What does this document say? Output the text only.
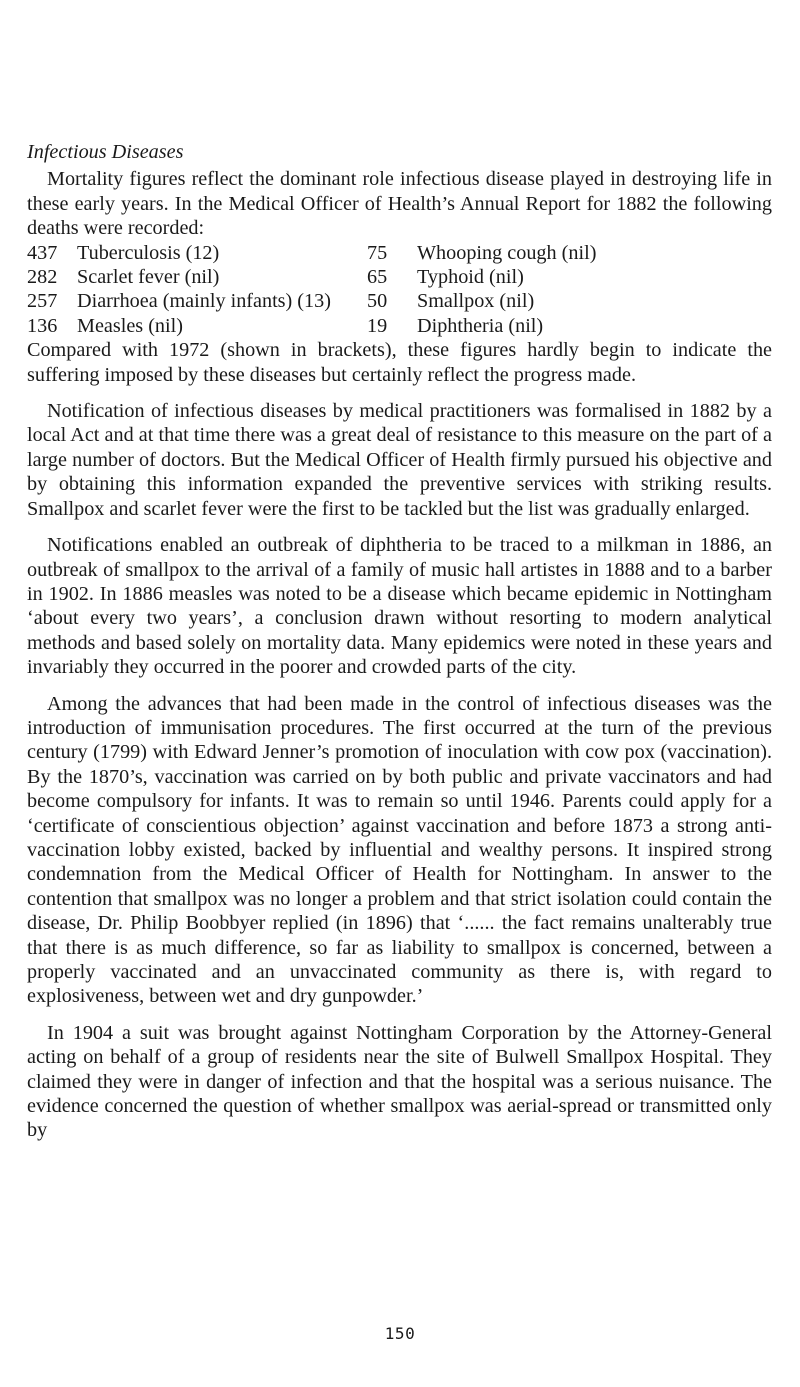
Infectious Diseases

Mortality figures reflect the dominant role infectious disease played in destroying life in these early years. In the Medical Officer of Health’s Annual Report for 1882 the following deaths were recorded:

437 Tuberculosis (12)	75	Whooping cough (nil)
282 Scarlet fever (nil)	65	Typhoid (nil)
257 Diarrhoea (mainly infants) (13)	50	Smallpox (nil)
136 Measles (nil)	19	Diphtheria (nil)

Compared with 1972 (shown in brackets), these figures hardly begin to indicate the suffering imposed by these diseases but certainly reflect the progress made.

Notification of infectious diseases by medical practitioners was formalised in 1882 by a local Act and at that time there was a great deal of resistance to this measure on the part of a large number of doctors. But the Medical Officer of Health firmly pursued his objective and by obtaining this information expanded the preventive services with striking results. Smallpox and scarlet fever were the first to be tackled but the list was gradually enlarged.

Notifications enabled an outbreak of diphtheria to be traced to a milkman in 1886, an outbreak of smallpox to the arrival of a family of music hall artistes in 1888 and to a barber in 1902. In 1886 measles was noted to be a disease which became epidemic in Nottingham ‘about every two years’, a conclusion drawn without resorting to modern analytical methods and based solely on mortality data. Many epidemics were noted in these years and invariably they occurred in the poorer and crowded parts of the city.

Among the advances that had been made in the control of infectious diseases was the introduction of immunisation procedures. The first occurred at the turn of the previous century (1799) with Edward Jenner’s promotion of inoculation with cow pox (vaccination). By the 1870’s, vaccination was carried on by both public and private vaccinators and had become compulsory for infants. It was to remain so until 1946. Parents could apply for a ‘certificate of conscientious objection’ against vaccination and before 1873 a strong anti-vaccination lobby existed, backed by influential and wealthy persons. It inspired strong condemnation from the Medical Officer of Health for Nottingham. In answer to the contention that smallpox was no longer a problem and that strict isolation could contain the disease, Dr. Philip Boobbyer replied (in 1896) that ‘...... the fact remains unalterably true that there is as much difference, so far as liability to smallpox is concerned, between a properly vaccinated and an unvaccinated community as there is, with regard to explosiveness, between wet and dry gunpowder.’

In 1904 a suit was brought against Nottingham Corporation by the Attorney-General acting on behalf of a group of residents near the site of Bulwell Smallpox Hospital. They claimed they were in danger of infection and that the hospital was a serious nuisance. The evidence concerned the question of whether smallpox was aerial-spread or transmitted only by

150
